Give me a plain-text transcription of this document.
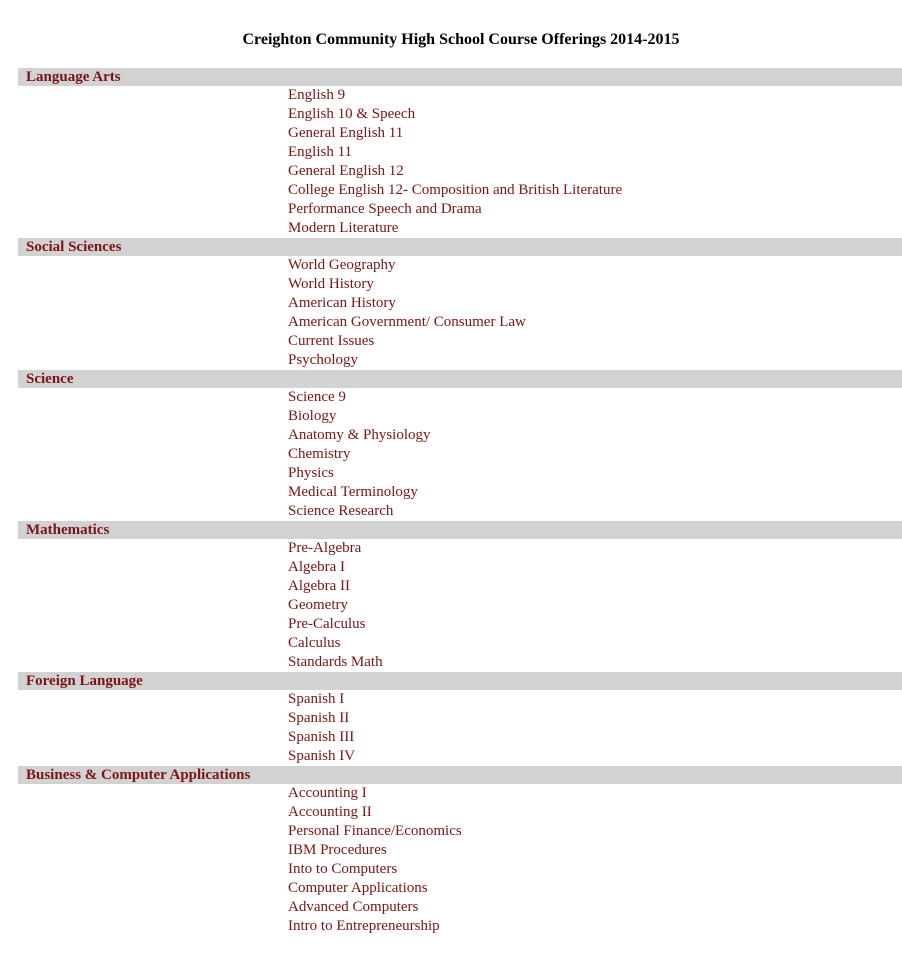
Creighton Community High School Course Offerings 2014-2015
Language Arts
English 9
English 10 & Speech
General English 11
English 11
General English 12
College English 12- Composition and British Literature
Performance Speech and Drama
Modern Literature
Social Sciences
World Geography
World History
American History
American Government/ Consumer Law
Current Issues
Psychology
Science
Science 9
Biology
Anatomy & Physiology
Chemistry
Physics
Medical Terminology
Science Research
Mathematics
Pre-Algebra
Algebra I
Algebra II
Geometry
Pre-Calculus
Calculus
Standards Math
Foreign Language
Spanish I
Spanish II
Spanish III
Spanish IV
Business & Computer Applications
Accounting I
Accounting II
Personal Finance/Economics
IBM Procedures
Into to Computers
Computer Applications
Advanced Computers
Intro to Entrepreneurship
